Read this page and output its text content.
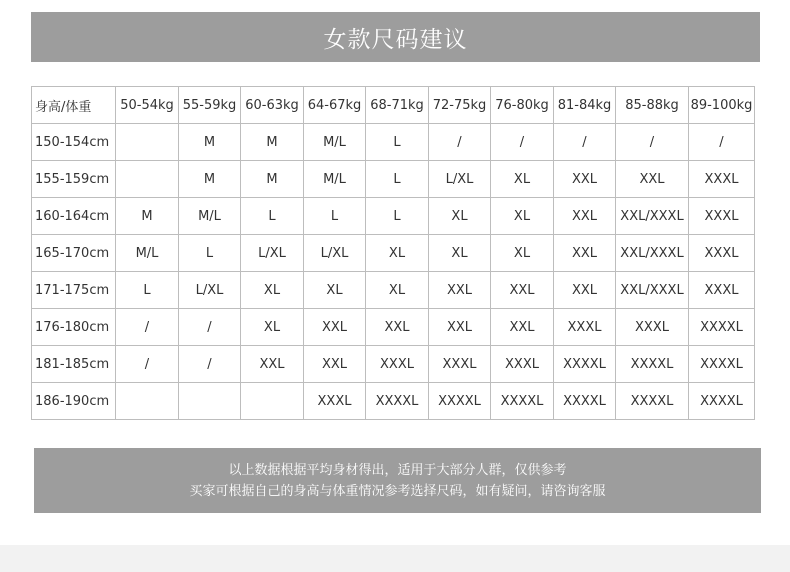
女款尺码建议
身高/体重	50-54kg	55-59kg	60-63kg	64-67kg	68-71kg	72-75kg	76-80kg	81-84kg	85-88kg	89-100kg
150-154cm		M	M	M/L	L	/	/	/	/	/
155-159cm		M	M	M/L	L	L/XL	XL	XXL	XXL	XXXL
160-164cm	M	M/L	L	L	L	XL	XL	XXL	XXL/XXXL	XXXL
165-170cm	M/L	L	L/XL	L/XL	XL	XL	XL	XXL	XXL/XXXL	XXXL
171-175cm	L	L/XL	XL	XL	XL	XXL	XXL	XXL	XXL/XXXL	XXXL
176-180cm	/	/	XL	XXL	XXL	XXL	XXL	XXXL	XXXL	XXXXL
181-185cm	/	/	XXL	XXL	XXXL	XXXL	XXXL	XXXXL	XXXXL	XXXXL
186-190cm				XXXL	XXXXL	XXXXL	XXXXL	XXXXL	XXXXL	XXXXL
以上数据根据平均身材得出，适用于大部分人群，仅供参考
买家可根据自己的身高与体重情况参考选择尺码，如有疑问，请咨询客服
